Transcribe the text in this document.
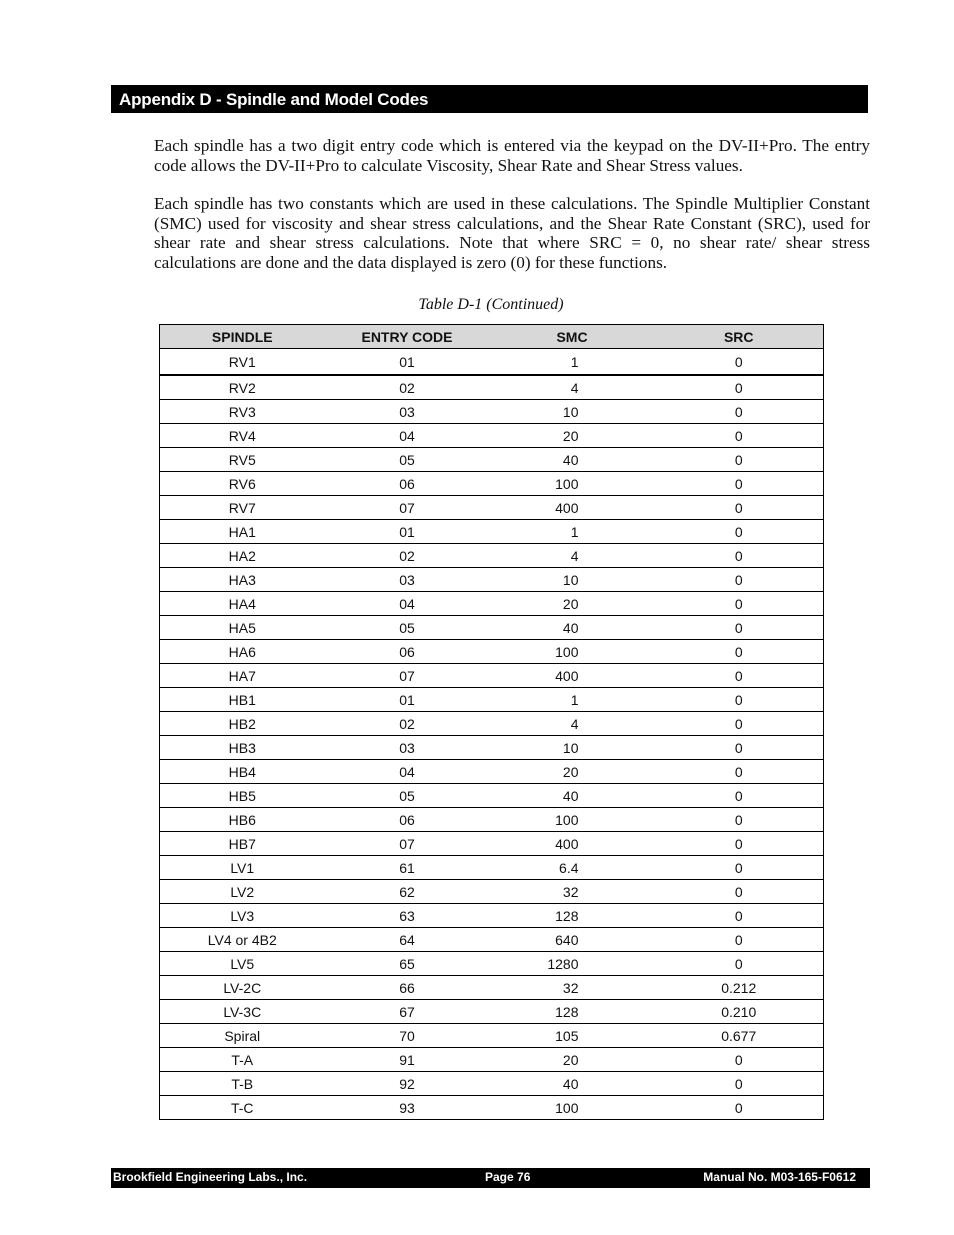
Appendix D - Spindle and Model Codes

Each spindle has a two digit entry code which is entered via the keypad on the DV-II+Pro. The entry code allows the DV-II+Pro to calculate Viscosity, Shear Rate and Shear Stress values.

Each spindle has two constants which are used in these calculations. The Spindle Multiplier Constant (SMC) used for viscosity and shear stress calculations, and the Shear Rate Constant (SRC), used for shear rate and shear stress calculations. Note that where SRC = 0, no shear rate/ shear stress calculations are done and the data displayed is zero (0) for these functions.

Table D-1 (Continued)
SPINDLE	ENTRY CODE	SMC	SRC
RV1	01	1	0
RV2	02	4	0
RV3	03	10	0
RV4	04	20	0
RV5	05	40	0
RV6	06	100	0
RV7	07	400	0
HA1	01	1	0
HA2	02	4	0
HA3	03	10	0
HA4	04	20	0
HA5	05	40	0
HA6	06	100	0
HA7	07	400	0
HB1	01	1	0
HB2	02	4	0
HB3	03	10	0
HB4	04	20	0
HB5	05	40	0
HB6	06	100	0
HB7	07	400	0
LV1	61	6.4	0
LV2	62	32	0
LV3	63	128	0
LV4 or 4B2	64	640	0
LV5	65	1280	0
LV-2C	66	32	0.212
LV-3C	67	128	0.210
Spiral	70	105	0.677
T-A	91	20	0
T-B	92	40	0
T-C	93	100	0
Brookfield Engineering Labs., Inc.	Page 76	Manual No. M03-165-F0612
